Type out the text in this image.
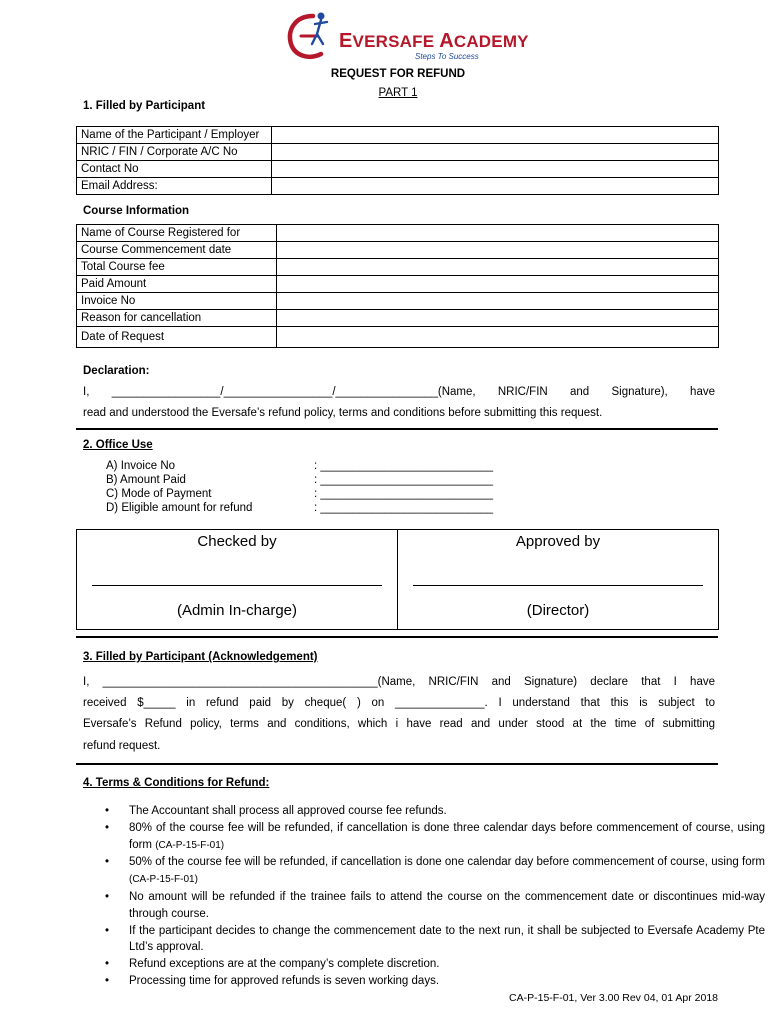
EVERSAFE ACADEMY
Steps To Success
REQUEST FOR REFUND
PART 1
1. Filled by Participant
Name of the Participant / Employer	
NRIC / FIN / Corporate A/C No	
Contact No	
Email Address:	
Course Information
Name of Course Registered for	
Course Commencement date	
Total Course fee	
Paid Amount	
Invoice No	
Reason for cancellation	
Date of Request	
Declaration:
I, _________________/_________________/________________(Name, NRIC/FIN and Signature), have
read and understood the Eversafe’s refund policy, terms and conditions before submitting this request.
2. Office Use
A) Invoice No	: ___________________________
B) Amount Paid	: ___________________________
C) Mode of Payment	: ___________________________
D) Eligible amount for refund	: ___________________________
Checked by
(Admin In-charge)

Approved by
(Director)
3. Filled by Participant (Acknowledgement)
I, ___________________________________________(Name, NRIC/FIN and Signature) declare that I have
received $_____ in refund paid by cheque( ) on ______________. I understand that this is subject to
Eversafe’s Refund policy, terms and conditions, which i have read and under stood at the time of submitting
refund request.
4. Terms & Conditions for Refund:
• The Accountant shall process all approved course fee refunds.
• 80% of the course fee will be refunded, if cancellation is done three calendar days before commencement of course, using form (CA-P-15-F-01)
• 50% of the course fee will be refunded, if cancellation is done one calendar day before commencement of course, using form (CA-P-15-F-01)
• No amount will be refunded if the trainee fails to attend the course on the commencement date or discontinues mid-way through course.
• If the participant decides to change the commencement date to the next run, it shall be subjected to Eversafe Academy Pte Ltd’s approval.
• Refund exceptions are at the company’s complete discretion.
• Processing time for approved refunds is seven working days.
CA-P-15-F-01, Ver 3.00 Rev 04, 01 Apr 2018
